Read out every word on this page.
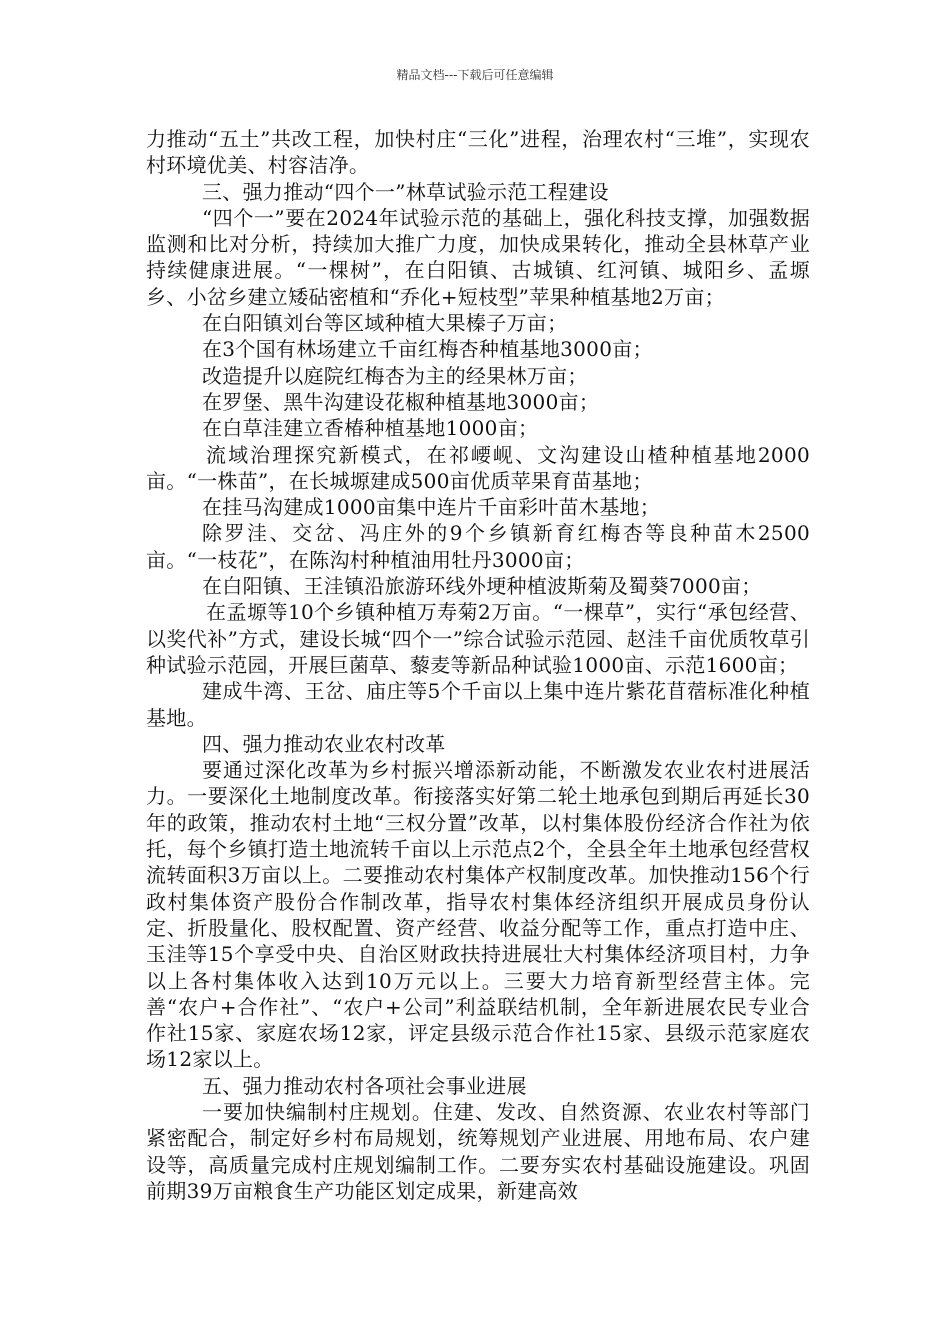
精品文档---下载后可任意编辑

力推动“五土”共改工程，加快村庄“三化”进程，治理农村“三堆”，实现农村环境优美、村容洁净。

三、强力推动“四个一”林草试验示范工程建设

“四个一”要在2024年试验示范的基础上，强化科技支撑，加强数据监测和比对分析，持续加大推广力度，加快成果转化，推动全县林草产业持续健康进展。“一棵树”，在白阳镇、古城镇、红河镇、城阳乡、孟塬乡、小岔乡建立矮砧密植和“乔化+短枝型”苹果种植基地2万亩；

在白阳镇刘台等区域种植大果榛子万亩；

在3个国有林场建立千亩红梅杏种植基地3000亩；

改造提升以庭院红梅杏为主的经果林万亩；

在罗堡、黑牛沟建设花椒种植基地3000亩；

在白草洼建立香椿种植基地1000亩；

流域治理探究新模式，在祁崾岘、文沟建设山楂种植基地2000亩。“一株苗”，在长城塬建成500亩优质苹果育苗基地；

在挂马沟建成1000亩集中连片千亩彩叶苗木基地；

除罗洼、交岔、冯庄外的9个乡镇新育红梅杏等良种苗木2500亩。“一枝花”，在陈沟村种植油用牡丹3000亩；

在白阳镇、王洼镇沿旅游环线外埂种植波斯菊及蜀葵7000亩；

在孟塬等10个乡镇种植万寿菊2万亩。“一棵草”，实行“承包经营、以奖代补”方式，建设长城“四个一”综合试验示范园、赵洼千亩优质牧草引种试验示范园，开展巨菌草、藜麦等新品种试验1000亩、示范1600亩；

建成牛湾、王岔、庙庄等5个千亩以上集中连片紫花苜蓿标准化种植基地。

四、强力推动农业农村改革

要通过深化改革为乡村振兴增添新动能，不断激发农业农村进展活力。一要深化土地制度改革。衔接落实好第二轮土地承包到期后再延长30年的政策，推动农村土地“三权分置”改革，以村集体股份经济合作社为依托，每个乡镇打造土地流转千亩以上示范点2个，全县全年土地承包经营权流转面积3万亩以上。二要推动农村集体产权制度改革。加快推动156个行政村集体资产股份合作制改革，指导农村集体经济组织开展成员身份认定、折股量化、股权配置、资产经营、收益分配等工作，重点打造中庄、玉洼等15个享受中央、自治区财政扶持进展壮大村集体经济项目村，力争以上各村集体收入达到10万元以上。三要大力培育新型经营主体。完善“农户+合作社”、“农户+公司”利益联结机制，全年新进展农民专业合作社15家、家庭农场12家，评定县级示范合作社15家、县级示范家庭农场12家以上。

五、强力推动农村各项社会事业进展

一要加快编制村庄规划。住建、发改、自然资源、农业农村等部门紧密配合，制定好乡村布局规划，统筹规划产业进展、用地布局、农户建设等，高质量完成村庄规划编制工作。二要夯实农村基础设施建设。巩固前期39万亩粮食生产功能区划定成果，新建高效
